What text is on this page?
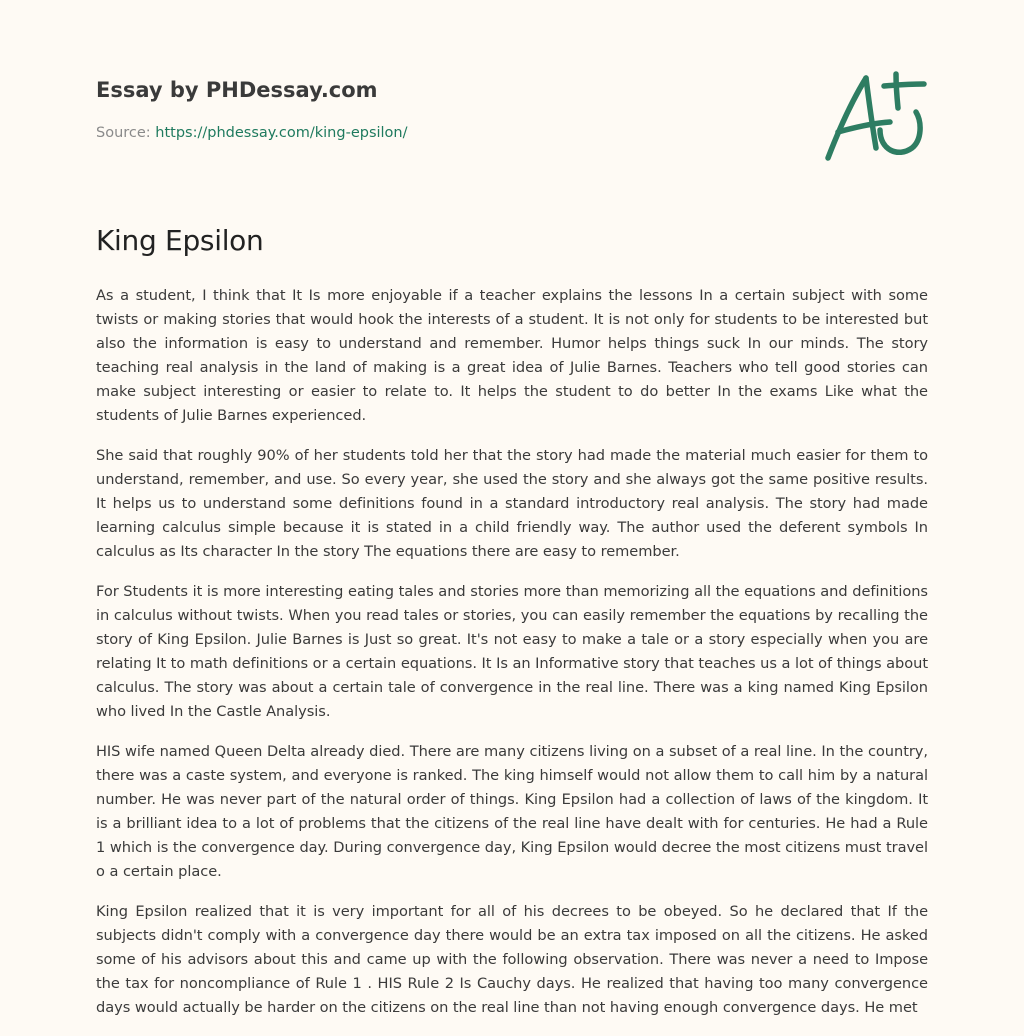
Essay by PHDessay.com
Source: https://phdessay.com/king-epsilon/
King Epsilon

As a student, I think that It Is more enjoyable if a teacher explains the lessons In a certain subject with some twists or making stories that would hook the interests of a student. It is not only for students to be interested but also the information is easy to understand and remember. Humor helps things suck In our minds. The story teaching real analysis in the land of making is a great idea of Julie Barnes. Teachers who tell good stories can make subject interesting or easier to relate to. It helps the student to do better In the exams Like what the students of Julie Barnes experienced.

She said that roughly 90% of her students told her that the story had made the material much easier for them to understand, remember, and use. So every year, she used the story and she always got the same positive results. It helps us to understand some definitions found in a standard introductory real analysis. The story had made learning calculus simple because it is stated in a child friendly way. The author used the deferent symbols In calculus as Its character In the story The equations there are easy to remember.

For Students it is more interesting eating tales and stories more than memorizing all the equations and definitions in calculus without twists. When you read tales or stories, you can easily remember the equations by recalling the story of King Epsilon. Julie Barnes is Just so great. It's not easy to make a tale or a story especially when you are relating It to math definitions or a certain equations. It Is an Informative story that teaches us a lot of things about calculus. The story was about a certain tale of convergence in the real line. There was a king named King Epsilon who lived In the Castle Analysis.

HIS wife named Queen Delta already died. There are many citizens living on a subset of a real line. In the country, there was a caste system, and everyone is ranked. The king himself would not allow them to call him by a natural number. He was never part of the natural order of things. King Epsilon had a collection of laws of the kingdom. It is a brilliant idea to a lot of problems that the citizens of the real line have dealt with for centuries. He had a Rule 1 which is the convergence day. During convergence day, King Epsilon would decree the most citizens must travel o a certain place.

King Epsilon realized that it is very important for all of his decrees to be obeyed. So he declared that If the subjects didn't comply with a convergence day there would be an extra tax imposed on all the citizens. He asked some of his advisors about this and came up with the following observation. There was never a need to Impose the tax for noncompliance of Rule 1 . HIS Rule 2 Is Cauchy days. He realized that having too many convergence days would actually be harder on the citizens on the real line than not having enough convergence days. He met
